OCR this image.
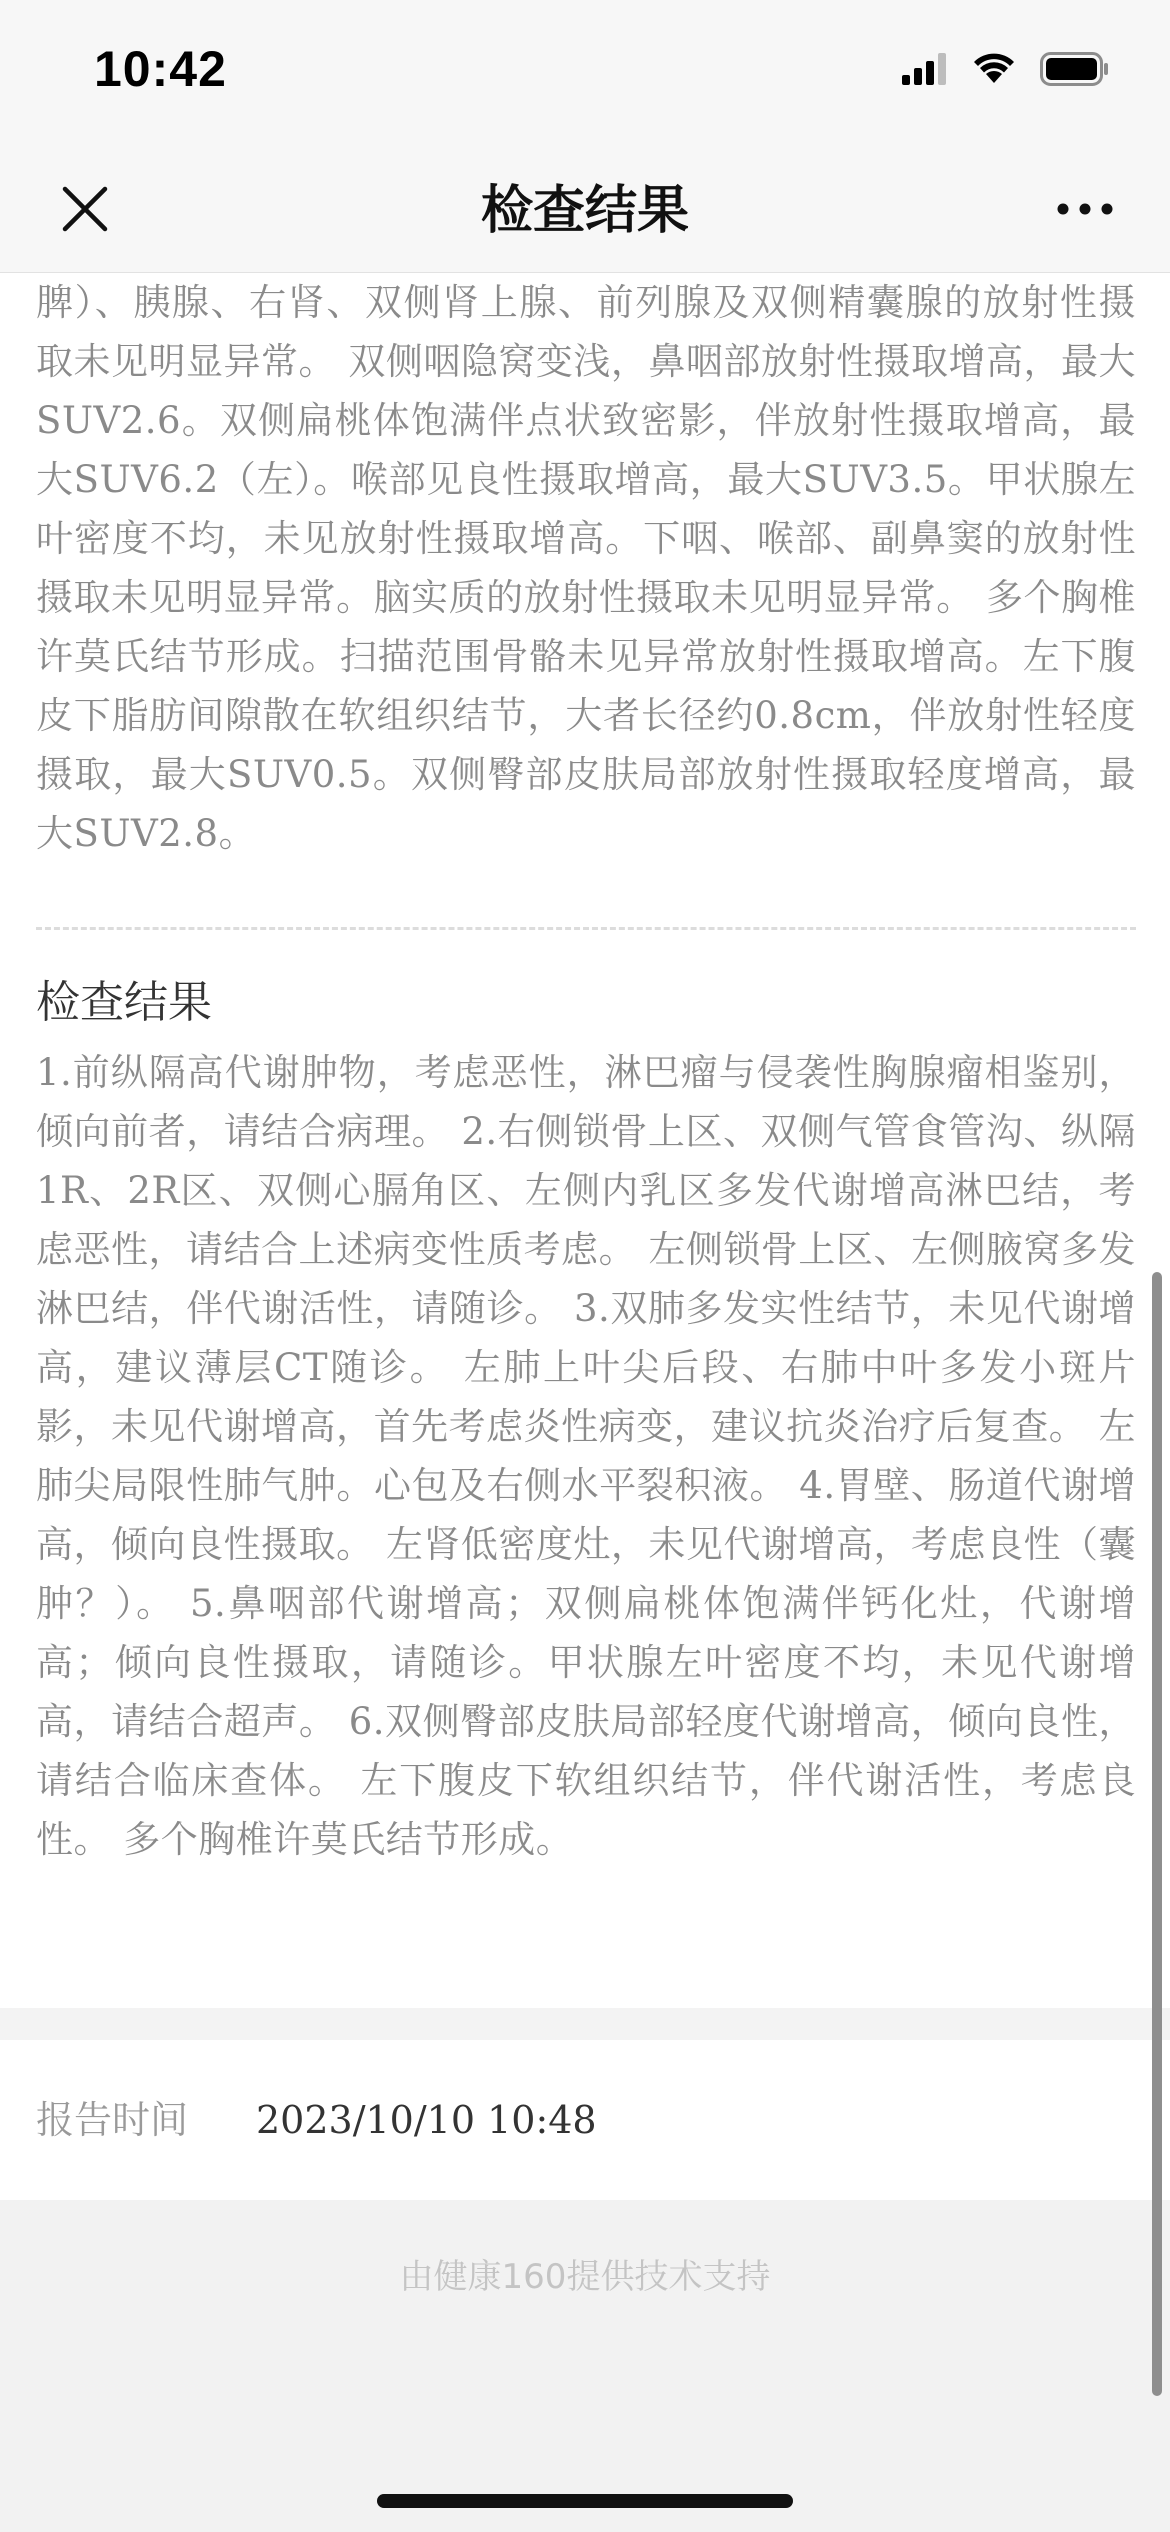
10:42
检查结果

脾）、胰腺、右肾、双侧肾上腺、前列腺及双侧精囊腺的放射性摄取未见明显异常。 双侧咽隐窝变浅，鼻咽部放射性摄取增高，最大SUV2.6。双侧扁桃体饱满伴点状致密影，伴放射性摄取增高，最大SUV6.2（左）。喉部见良性摄取增高，最大SUV3.5。甲状腺左叶密度不均，未见放射性摄取增高。下咽、喉部、副鼻窦的放射性摄取未见明显异常。脑实质的放射性摄取未见明显异常。 多个胸椎许莫氏结节形成。扫描范围骨骼未见异常放射性摄取增高。左下腹皮下脂肪间隙散在软组织结节，大者长径约0.8cm，伴放射性轻度摄取，最大SUV0.5。双侧臀部皮肤局部放射性摄取轻度增高，最大SUV2.8。

检查结果

1.前纵隔高代谢肿物，考虑恶性，淋巴瘤与侵袭性胸腺瘤相鉴别，倾向前者，请结合病理。 2.右侧锁骨上区、双侧气管食管沟、纵隔1R、2R区、双侧心膈角区、左侧内乳区多发代谢增高淋巴结，考虑恶性，请结合上述病变性质考虑。 左侧锁骨上区、左侧腋窝多发淋巴结，伴代谢活性，请随诊。 3.双肺多发实性结节，未见代谢增高，建议薄层CT随诊。 左肺上叶尖后段、右肺中叶多发小斑片影，未见代谢增高，首先考虑炎性病变，建议抗炎治疗后复查。 左肺尖局限性肺气肿。心包及右侧水平裂积液。 4.胃壁、肠道代谢增高，倾向良性摄取。 左肾低密度灶，未见代谢增高，考虑良性（囊肿？）。 5.鼻咽部代谢增高；双侧扁桃体饱满伴钙化灶，代谢增高；倾向良性摄取，请随诊。甲状腺左叶密度不均，未见代谢增高，请结合超声。 6.双侧臀部皮肤局部轻度代谢增高，倾向良性，请结合临床查体。 左下腹皮下软组织结节，伴代谢活性，考虑良性。 多个胸椎许莫氏结节形成。

报告时间 2023/10/10 10:48
由健康160提供技术支持
